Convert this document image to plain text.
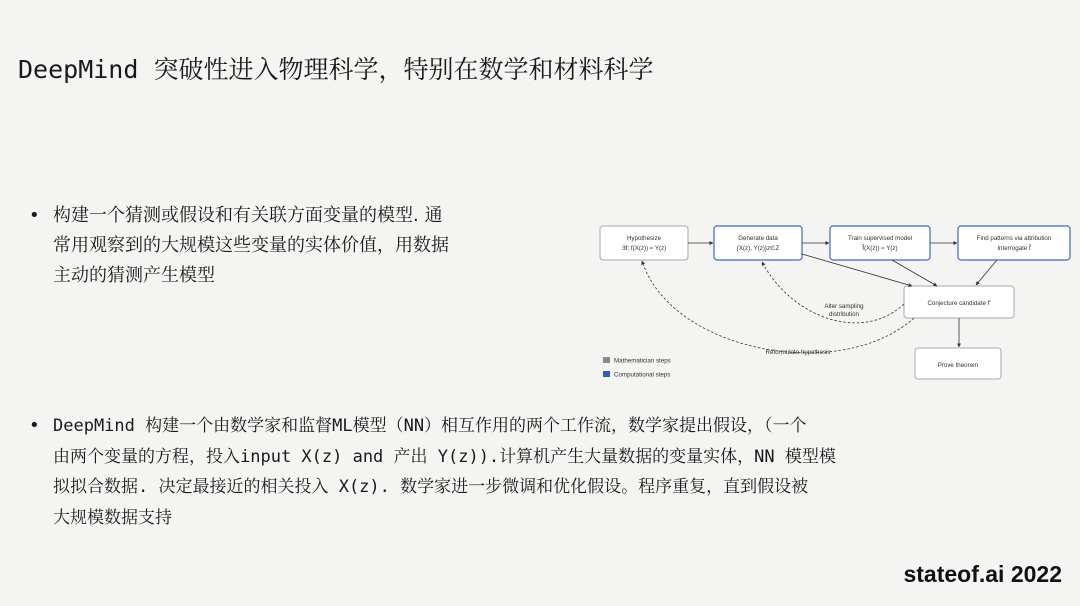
DeepMind 突破性进入物理科学，特别在数学和材料科学
• 构建一个猜测或假设和有关联方面变量的模型. 通
常用观察到的大规模这些变量的实体价值，用数据
主动的猜测产生模型
Hypothesize
∃f: f(X(z)) ≈ Y(z)
Generate data
{X(z), Y(z)}z∈Z
Train supervised model
f̂(X(z)) ≈ Y(z)
Find patterns via attribution
Interrogate f̂
Conjecture candidate f'
Prove theorem
Alter sampling
distribution
Reformulate hypothesis
Mathematician steps
Computational steps
• DeepMind 构建一个由数学家和监督ML模型（NN）相互作用的两个工作流，数学家提出假设，（一个
由两个变量的方程，投入input X(z) and 产出 Y(z)).计算机产生大量数据的变量实体，NN 模型模
拟拟合数据. 决定最接近的相关投入 X(z). 数学家进一步微调和优化假设。程序重复，直到假设被
大规模数据支持
stateof.ai 2022
